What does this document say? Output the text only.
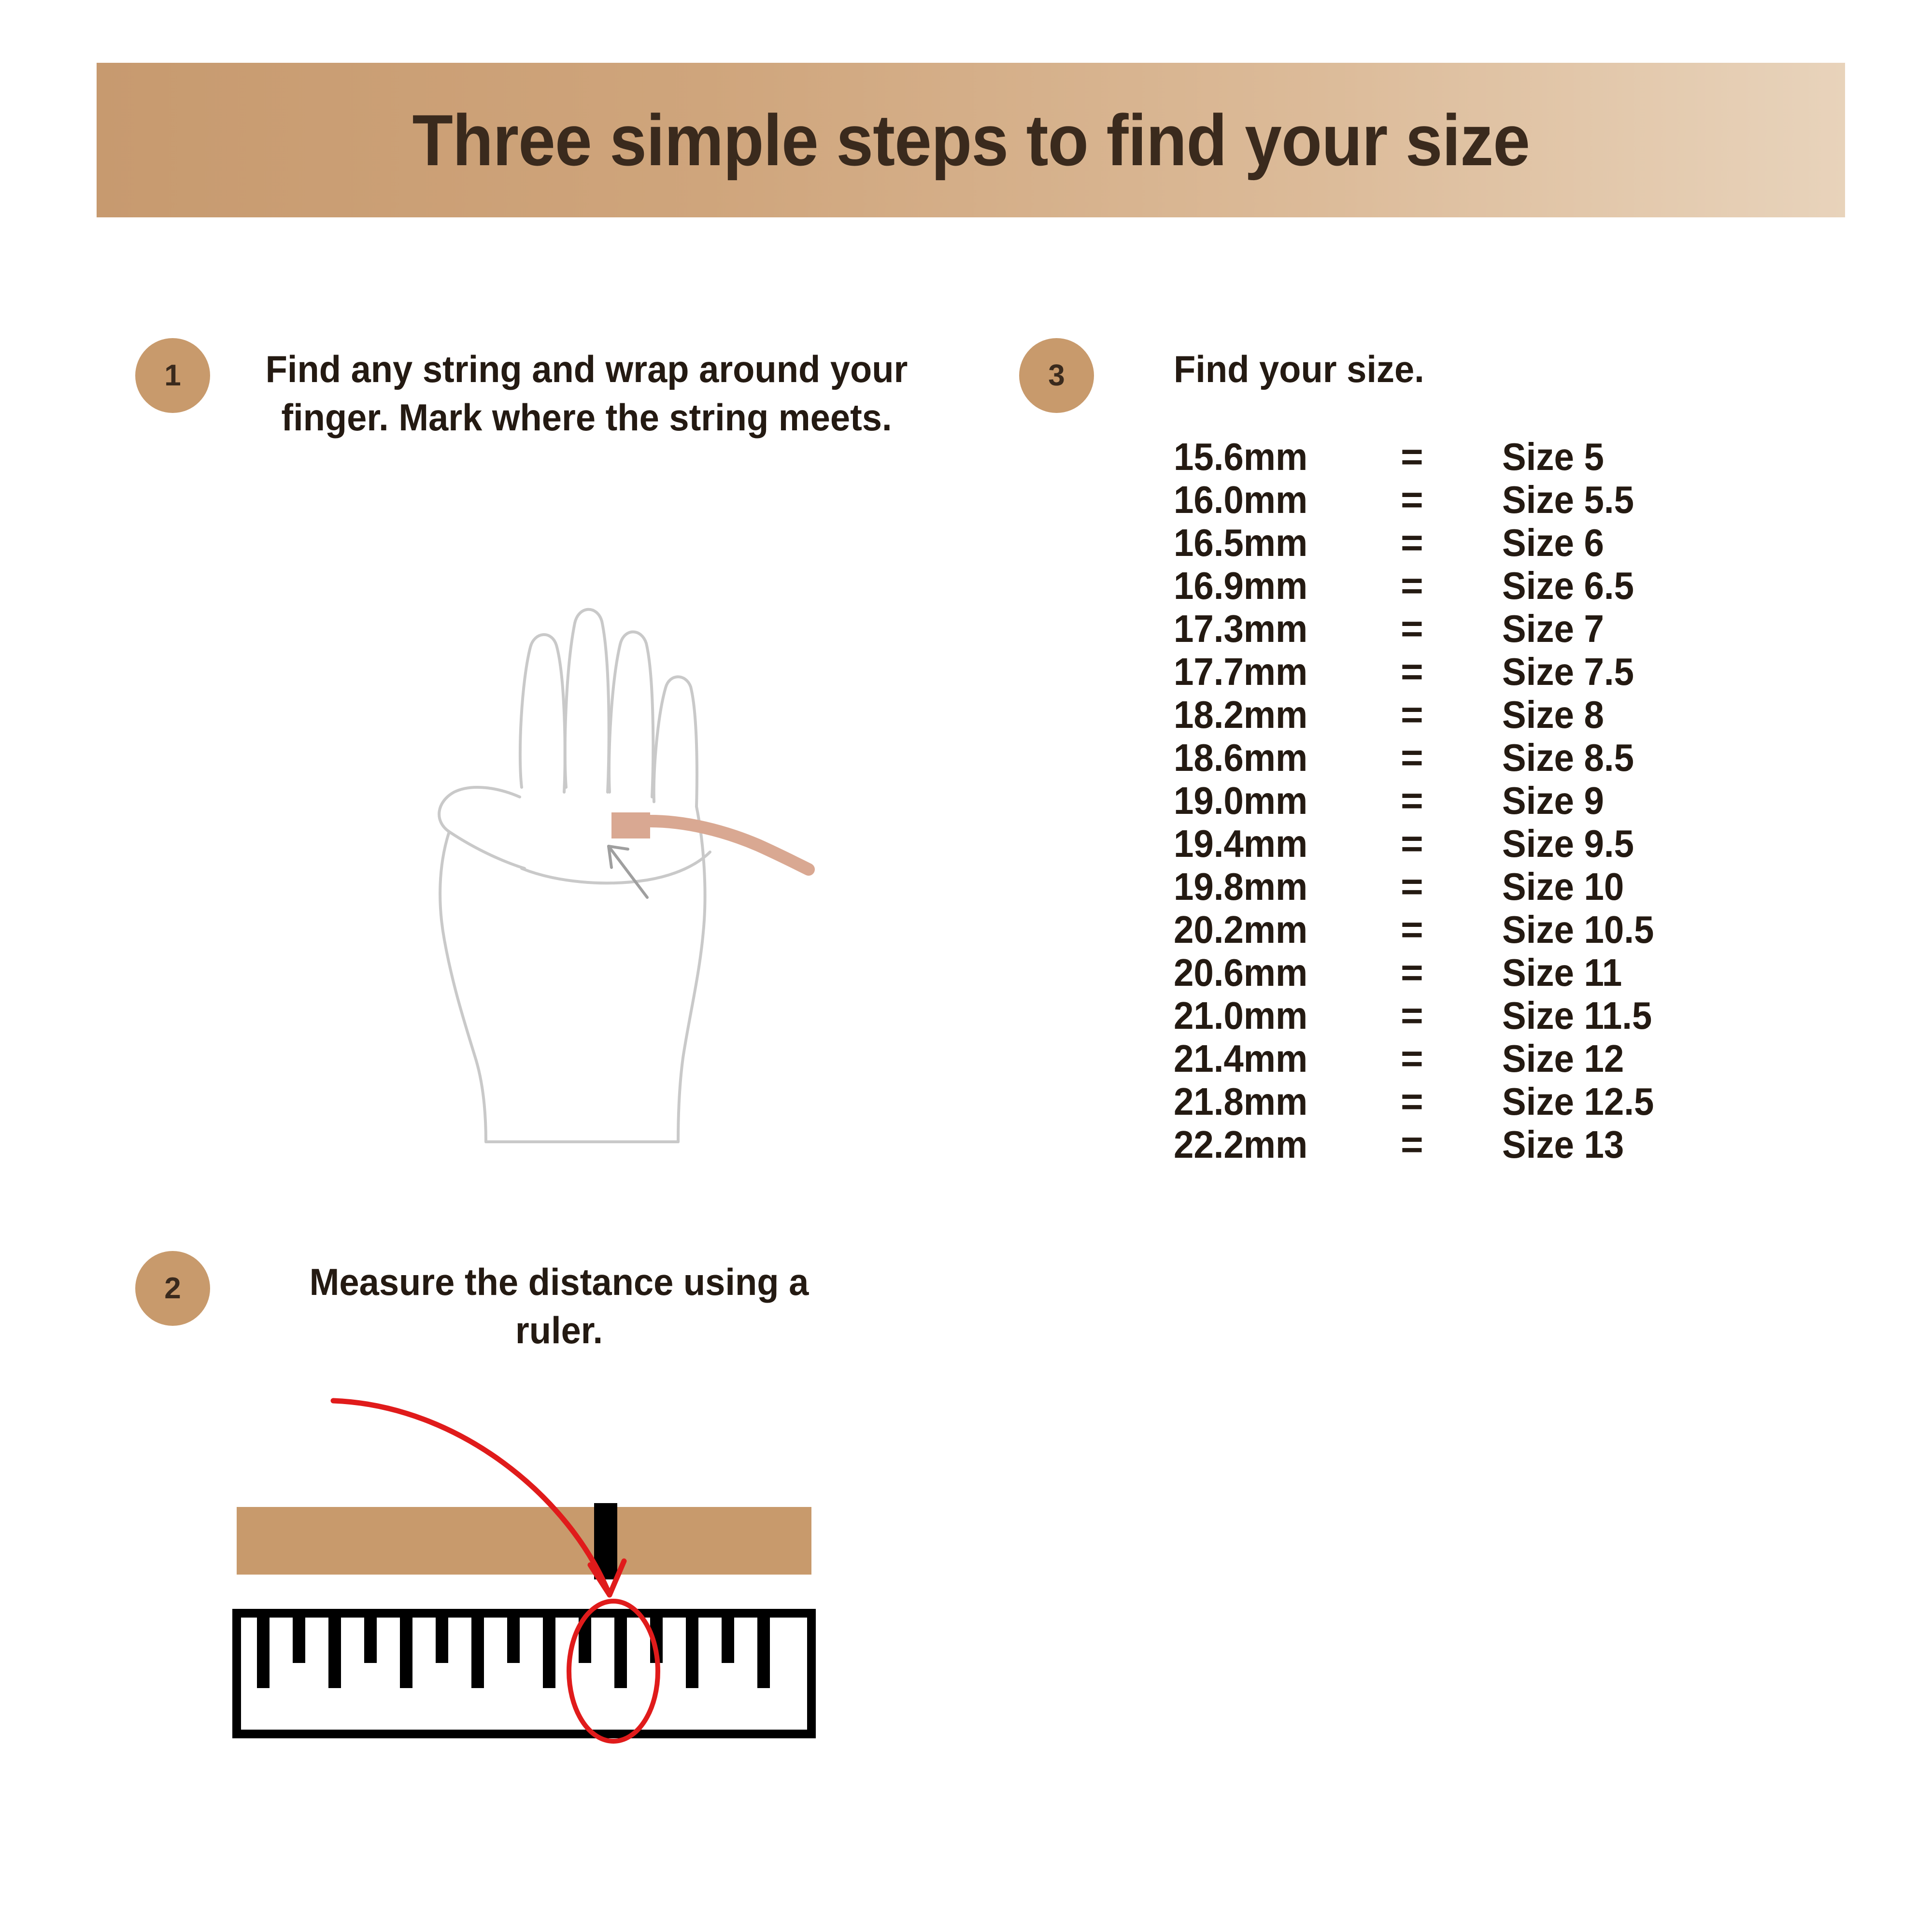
Three simple steps to find your size
1 Find any string and wrap around your finger. Mark where the string meets.
2	Measure the distance using a ruler.
3	Find your size.
15.6mm	=	Size 5
16.0mm	=	Size 5.5
16.5mm	=	Size 6
16.9mm	=	Size 6.5
17.3mm	=	Size 7
17.7mm	=	Size 7.5
18.2mm	=	Size 8
18.6mm	=	Size 8.5
19.0mm	=	Size 9
19.4mm	=	Size 9.5
19.8mm	=	Size 10
20.2mm	=	Size 10.5
20.6mm	=	Size 11
21.0mm	=	Size 11.5
21.4mm	=	Size 12
21.8mm	=	Size 12.5
22.2mm	=	Size 13
